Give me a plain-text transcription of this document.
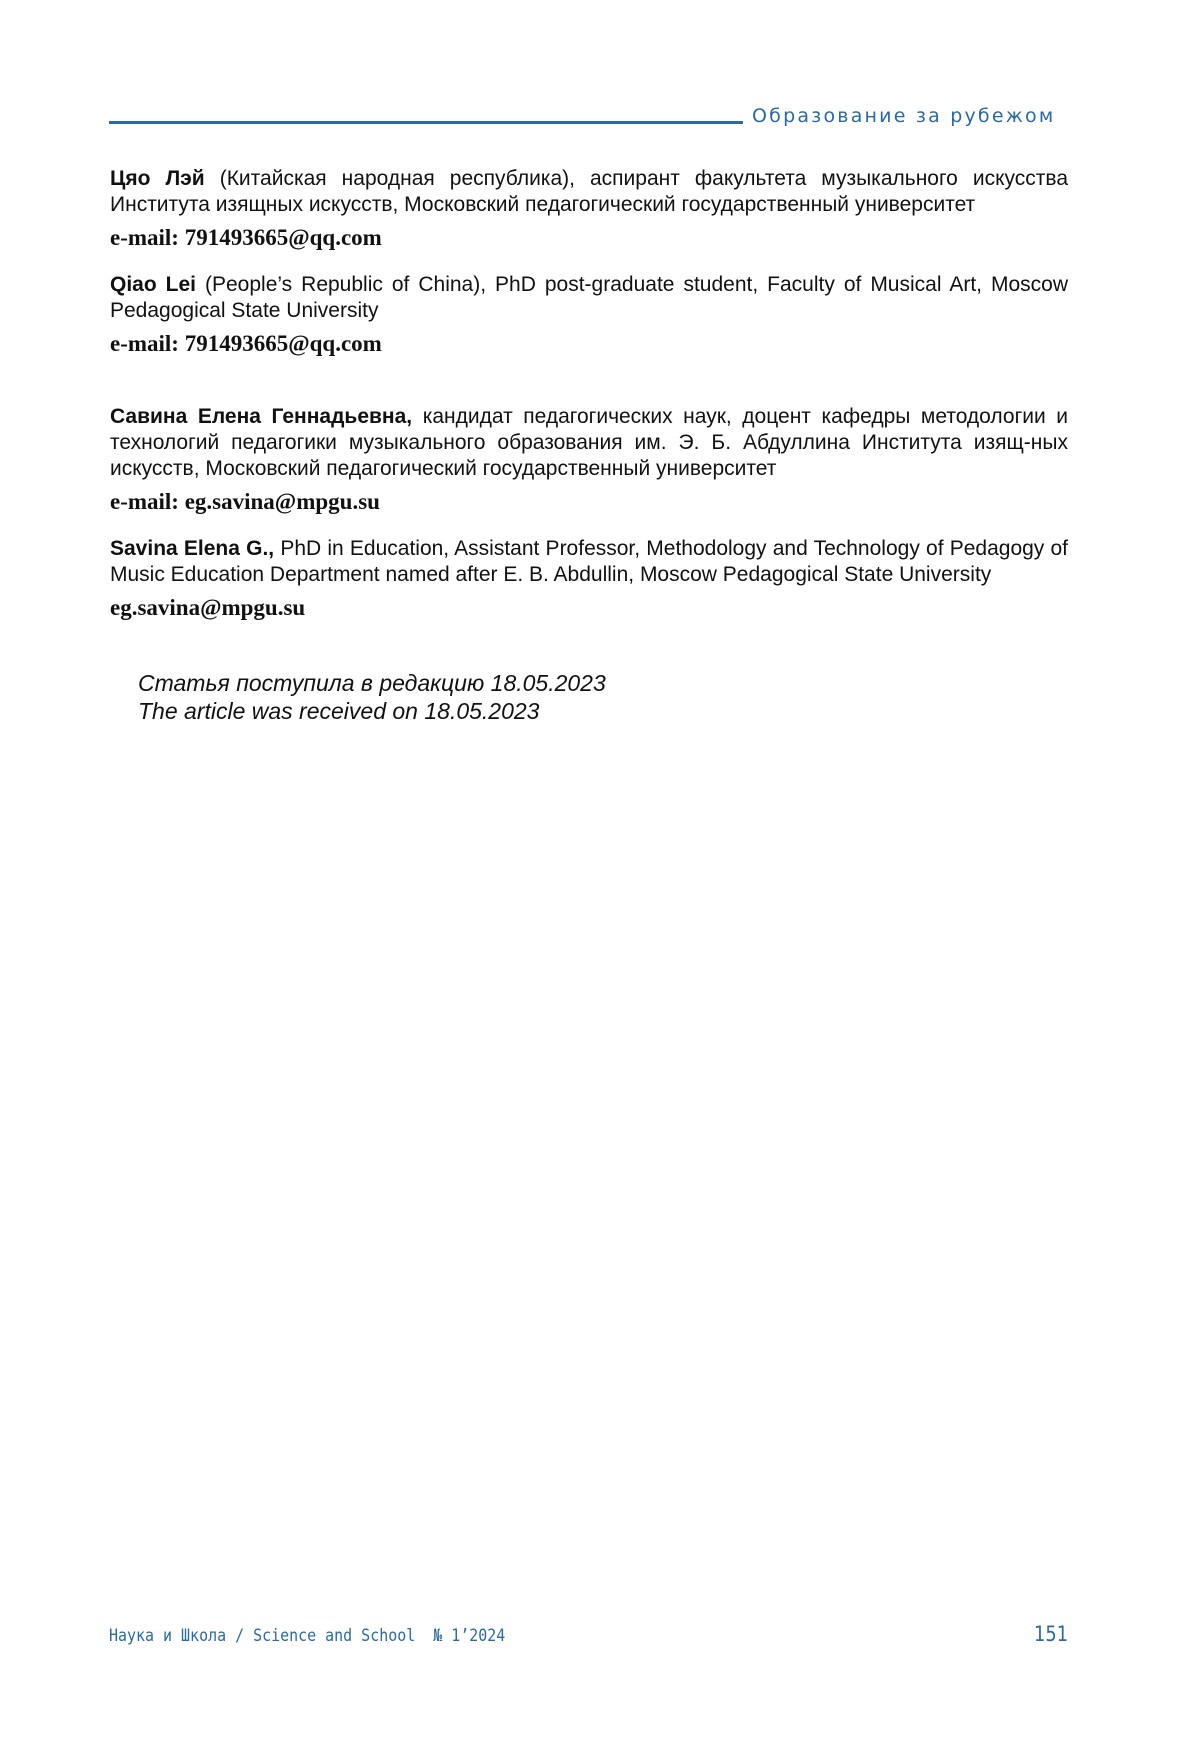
Образование за рубежом

Цяо Лэй (Китайская народная республика), аспирант факультета музыкального искусства Института изящных искусств, Московский педагогический государственный университет

e-mail: 791493665@qq.com

Qiao Lei (People’s Republic of China), PhD post-graduate student, Faculty of Musical Art, Moscow Pedagogical State University

e-mail: 791493665@qq.com

Савина Елена Геннадьевна, кандидат педагогических наук, доцент кафедры методологии и технологий педагогики музыкального образования им. Э. Б. Абдуллина Института изящ-ных искусств, Московский педагогический государственный университет

e-mail: eg.savina@mpgu.su

Savina Elena G., PhD in Education, Assistant Professor, Methodology and Technology of Pedagogy of Music Education Department named after E. B. Abdullin, Moscow Pedagogical State University

eg.savina@mpgu.su

Статья поступила в редакцию 18.05.2023
The article was received on 18.05.2023
Наука и Школа / Science and School  № 1’2024	151
